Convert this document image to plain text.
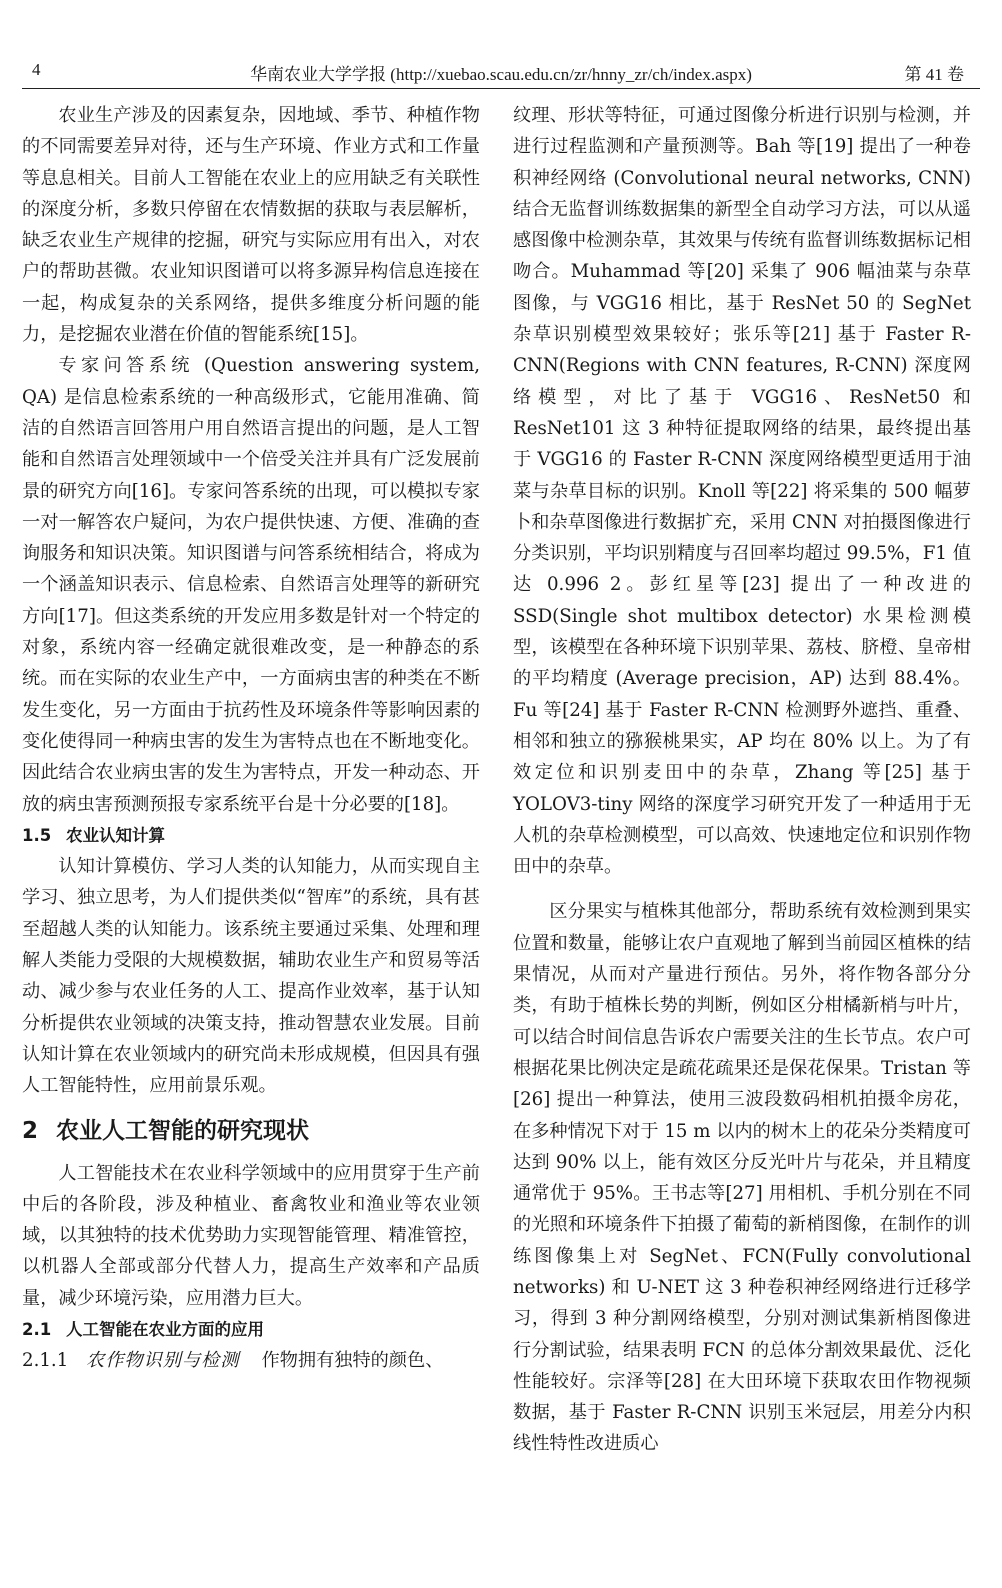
4	华南农业大学学报 (http://xuebao.scau.edu.cn/zr/hnny_zr/ch/index.aspx)	第 41 卷

农业生产涉及的因素复杂，因地域、季节、种植作物的不同需要差异对待，还与生产环境、作业方式和工作量等息息相关。目前人工智能在农业上的应用缺乏有关联性的深度分析，多数只停留在农情数据的获取与表层解析，缺乏农业生产规律的挖掘，研究与实际应用有出入，对农户的帮助甚微。农业知识图谱可以将多源异构信息连接在一起，构成复杂的关系网络，提供多维度分析问题的能力，是挖掘农业潜在价值的智能系统[15]。

专家问答系统 (Question answering system, QA) 是信息检索系统的一种高级形式，它能用准确、简洁的自然语言回答用户用自然语言提出的问题，是人工智能和自然语言处理领域中一个倍受关注并具有广泛发展前景的研究方向[16]。专家问答系统的出现，可以模拟专家一对一解答农户疑问，为农户提供快速、方便、准确的查询服务和知识决策。知识图谱与问答系统相结合，将成为一个涵盖知识表示、信息检索、自然语言处理等的新研究方向[17]。但这类系统的开发应用多数是针对一个特定的对象，系统内容一经确定就很难改变，是一种静态的系统。而在实际的农业生产中，一方面病虫害的种类在不断发生变化，另一方面由于抗药性及环境条件等影响因素的变化使得同一种病虫害的发生为害特点也在不断地变化。因此结合农业病虫害的发生为害特点，开发一种动态、开放的病虫害预测预报专家系统平台是十分必要的[18]。

1.5 农业认知计算

认知计算模仿、学习人类的认知能力，从而实现自主学习、独立思考，为人们提供类似“智库”的系统，具有甚至超越人类的认知能力。该系统主要通过采集、处理和理解人类能力受限的大规模数据，辅助农业生产和贸易等活动、减少参与农业任务的人工、提高作业效率，基于认知分析提供农业领域的决策支持，推动智慧农业发展。目前认知计算在农业领域内的研究尚未形成规模，但因具有强人工智能特性，应用前景乐观。

2 农业人工智能的研究现状

人工智能技术在农业科学领域中的应用贯穿于生产前中后的各阶段，涉及种植业、畜禽牧业和渔业等农业领域，以其独特的技术优势助力实现智能管理、精准管控，以机器人全部或部分代替人力，提高生产效率和产品质量，减少环境污染，应用潜力巨大。

2.1 人工智能在农业方面的应用

2.1.1 农作物识别与检测 作物拥有独特的颜色、

纹理、形状等特征，可通过图像分析进行识别与检测，并进行过程监测和产量预测等。Bah 等[19] 提出了一种卷积神经网络 (Convolutional neural networks, CNN) 结合无监督训练数据集的新型全自动学习方法，可以从遥感图像中检测杂草，其效果与传统有监督训练数据标记相吻合。Muhammad 等[20] 采集了 906 幅油菜与杂草图像，与 VGG16 相比，基于 ResNet 50 的 SegNet 杂草识别模型效果较好；张乐等[21] 基于 Faster R-CNN(Regions with CNN features, R-CNN) 深度网络模型，对比了基于 VGG16、ResNet50 和 ResNet101 这 3 种特征提取网络的结果，最终提出基于 VGG16 的 Faster R-CNN 深度网络模型更适用于油菜与杂草目标的识别。Knoll 等[22] 将采集的 500 幅萝卜和杂草图像进行数据扩充，采用 CNN 对拍摄图像进行分类识别，平均识别精度与召回率均超过 99.5%，F1 值达 0.996 2。彭红星等[23] 提出了一种改进的 SSD(Single shot multibox detector) 水果检测模型，该模型在各种环境下识别苹果、荔枝、脐橙、皇帝柑的平均精度 (Average precision，AP) 达到 88.4%。Fu 等[24] 基于 Faster R-CNN 检测野外遮挡、重叠、相邻和独立的猕猴桃果实，AP 均在 80% 以上。为了有效定位和识别麦田中的杂草，Zhang 等[25] 基于 YOLOV3-tiny 网络的深度学习研究开发了一种适用于无人机的杂草检测模型，可以高效、快速地定位和识别作物田中的杂草。

区分果实与植株其他部分，帮助系统有效检测到果实位置和数量，能够让农户直观地了解到当前园区植株的结果情况，从而对产量进行预估。另外，将作物各部分分类，有助于植株长势的判断，例如区分柑橘新梢与叶片，可以结合时间信息告诉农户需要关注的生长节点。农户可根据花果比例决定是疏花疏果还是保花保果。Tristan 等[26] 提出一种算法，使用三波段数码相机拍摄伞房花，在多种情况下对于 15 m 以内的树木上的花朵分类精度可达到 90% 以上，能有效区分反光叶片与花朵，并且精度通常优于 95%。王书志等[27] 用相机、手机分别在不同的光照和环境条件下拍摄了葡萄的新梢图像，在制作的训练图像集上对 SegNet、FCN(Fully convolutional networks) 和 U-NET 这 3 种卷积神经网络进行迁移学习，得到 3 种分割网络模型，分别对测试集新梢图像进行分割试验，结果表明 FCN 的总体分割效果最优、泛化性能较好。宗泽等[28] 在大田环境下获取农田作物视频数据，基于 Faster R-CNN 识别玉米冠层，用差分内积线性特性改进质心
